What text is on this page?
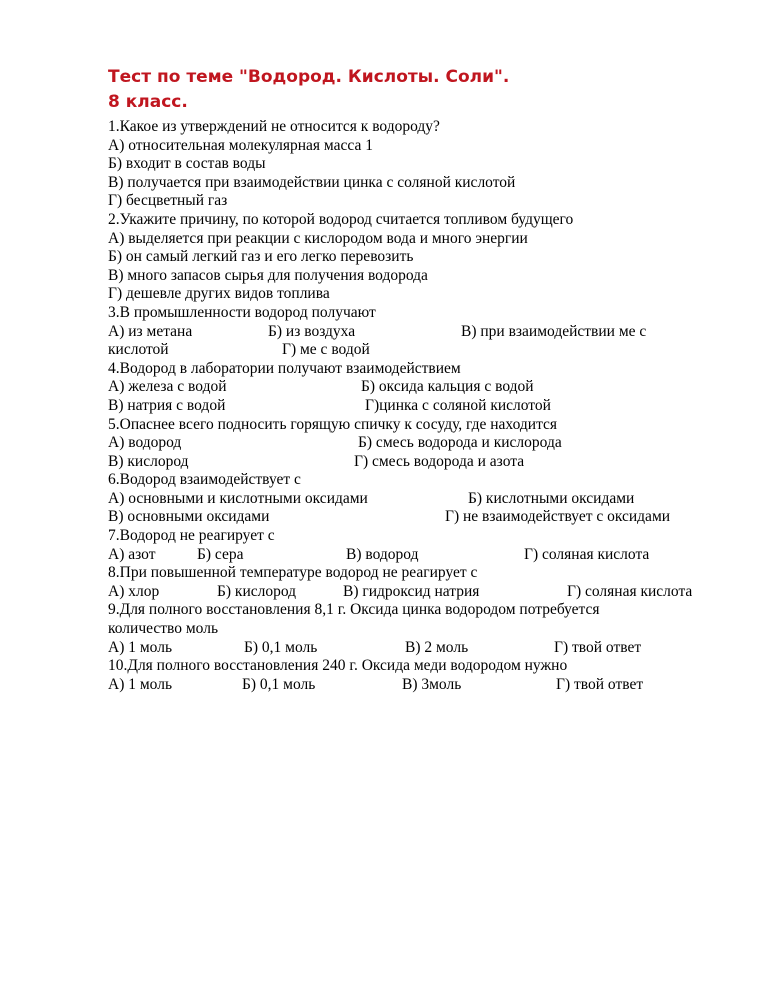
Тест по теме "Водород. Кислоты. Соли".
8 класс.
1.Какое из утверждений не относится к водороду?
А) относительная молекулярная масса 1
Б) входит в состав воды
В) получается при взаимодействии цинка с соляной кислотой
Г) бесцветный газ
2.Укажите причину, по которой водород считается топливом будущего
А) выделяется при реакции с кислородом вода и много энергии
Б) он самый легкий газ и его легко перевозить
В) много запасов сырья для получения водорода
Г) дешевле других видов топлива
3.В промышленности водород получают
А) из метана	Б) из воздуха	В) при взаимодействии ме с
кислотой	Г) ме с водой
4.Водород в лаборатории получают взаимодействием
А) железа с водой	Б) оксида кальция с водой
В) натрия с водой	Г)цинка с соляной кислотой
5.Опаснее всего подносить горящую спичку к сосуду, где находится
А) водород	Б) смесь водорода и кислорода
В) кислород	Г) смесь водорода и азота
6.Водород взаимодействует с
А) основными и кислотными оксидами	Б) кислотными оксидами
В) основными оксидами	Г) не взаимодействует с оксидами
7.Водород не реагирует с
А) азот	Б) сера	В) водород	Г) соляная кислота
8.При повышенной температуре водород не реагирует с
А) хлор	Б) кислород	В) гидроксид натрия	Г) соляная кислота
9.Для полного восстановления 8,1 г. Оксида цинка водородом потребуется
количество моль
А) 1 моль	Б) 0,1 моль	В) 2 моль	Г) твой ответ
10.Для полного восстановления 240 г. Оксида меди водородом нужно
А) 1 моль	Б) 0,1 моль	В) 3моль	Г) твой ответ
